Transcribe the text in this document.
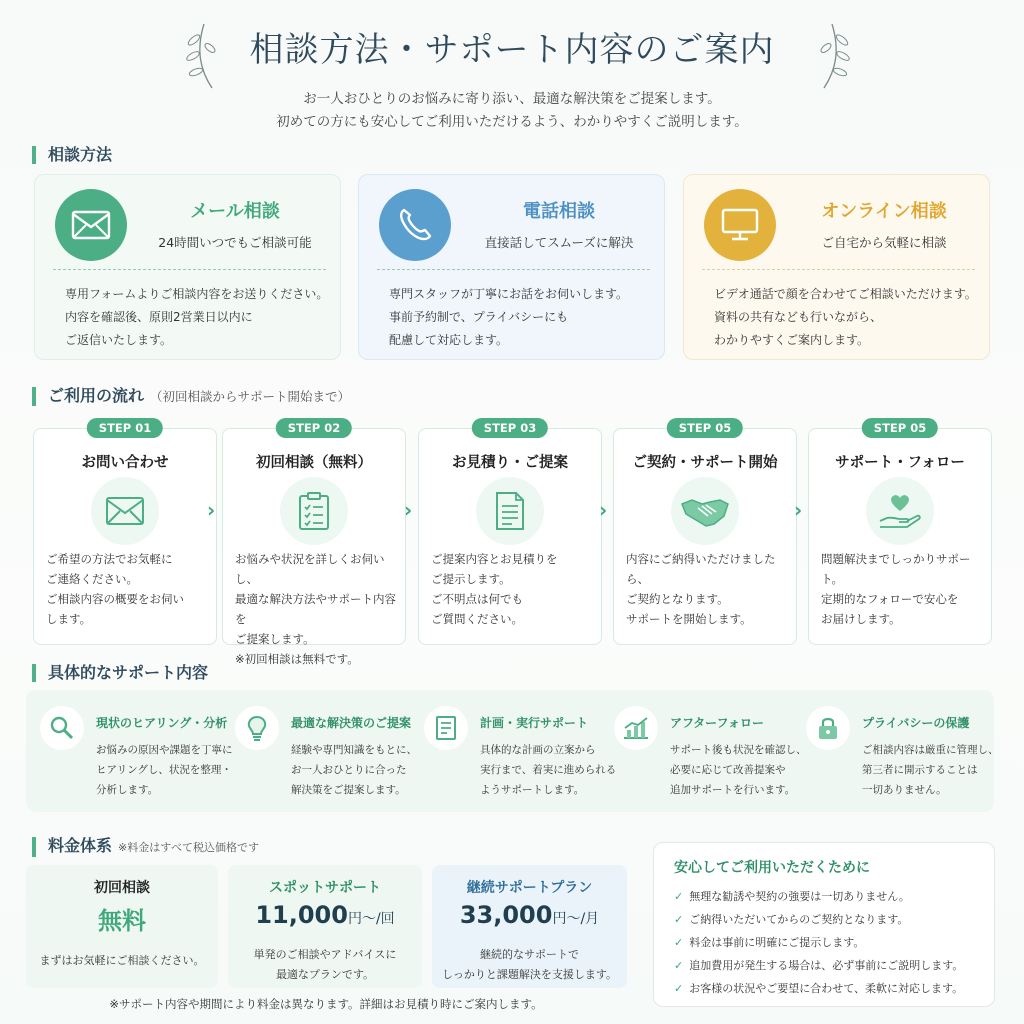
相談方法・サポート内容のご案内
お一人おひとりのお悩みに寄り添い、最適な解決策をご提案します。
初めての方にも安心してご利用いただけるよう、わかりやすくご説明します。
相談方法
メール相談
24時間いつでもご相談可能
専用フォームよりご相談内容をお送りください。
内容を確認後、原則2営業日以内に
ご返信いたします。
電話相談
直接話してスムーズに解決
専門スタッフが丁寧にお話をお伺いします。
事前予約制で、プライバシーにも
配慮して対応します。
オンライン相談
ご自宅から気軽に相談
ビデオ通話で顔を合わせてご相談いただけます。
資料の共有なども行いながら、
わかりやすくご案内します。
ご利用の流れ （初回相談からサポート開始まで）
STEP 01
お問い合わせ
ご希望の方法でお気軽に
ご連絡ください。
ご相談内容の概要をお伺い
します。
›
STEP 02
初回相談（無料）
お悩みや状況を詳しくお伺いし、
最適な解決方法やサポート内容を
ご提案します。
※初回相談は無料です。
›
STEP 03
お見積り・ご提案
ご提案内容とお見積りを
ご提示します。
ご不明点は何でも
ご質問ください。
›
STEP 05
ご契約・サポート開始
内容にご納得いただけましたら、
ご契約となります。
サポートを開始します。
›
STEP 05
サポート・フォロー
問題解決までしっかりサポート。
定期的なフォローで安心を
お届けします。
具体的なサポート内容
現状のヒアリング・分析
お悩みの原因や課題を丁寧に
ヒアリングし、状況を整理・
分析します。
最適な解決策のご提案
経験や専門知識をもとに、
お一人おひとりに合った
解決策をご提案します。
計画・実行サポート
具体的な計画の立案から
実行まで、着実に進められる
ようサポートします。
アフターフォロー
サポート後も状況を確認し、
必要に応じて改善提案や
追加サポートを行います。
プライバシーの保護
ご相談内容は厳重に管理し、
第三者に開示することは
一切ありません。
料金体系 ※料金はすべて税込価格です
初回相談
無料
まずはお気軽にご相談ください。
スポットサポート
11,000円〜/回
単発のご相談やアドバイスに
最適なプランです。
継続サポートプラン
33,000円〜/月
継続的なサポートで
しっかりと課題解決を支援します。
※サポート内容や期間により料金は異なります。詳細はお見積り時にご案内します。
安心してご利用いただくために
✓ 無理な勧誘や契約の強要は一切ありません。
✓ ご納得いただいてからのご契約となります。
✓ 料金は事前に明確にご提示します。
✓ 追加費用が発生する場合は、必ず事前にご説明します。
✓ お客様の状況やご要望に合わせて、柔軟に対応します。
